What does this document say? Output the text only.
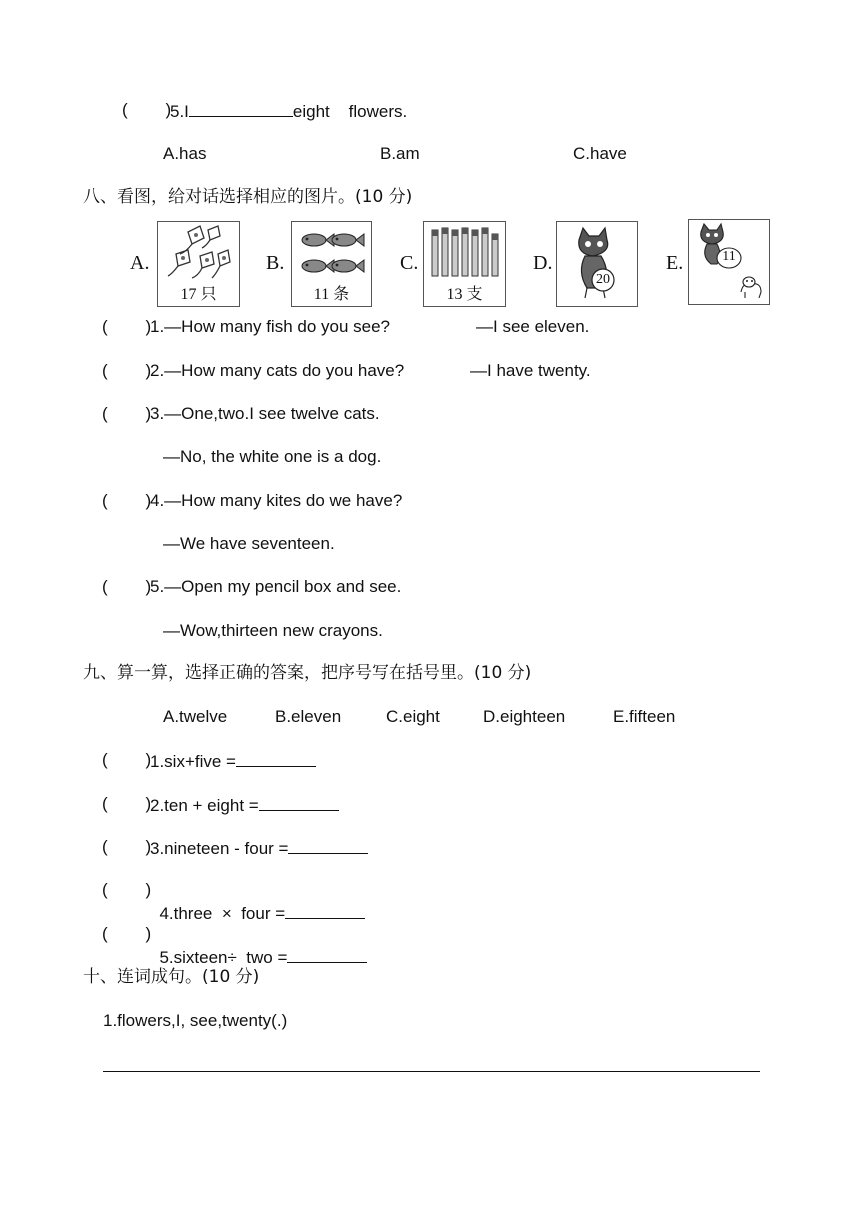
(        )
5.I	eight    flowers.
A.has	B.am	C.have
八、看图，给对话选择相应的图片。(10 分)
A.
17 只
B.
11 条
C.
13 支
D.
20
E.	11
(        )
1.—How many fish do you see?	—I see eleven.
(        )
2.—How many cats do you have?	—I have twenty.
(        )
3.—One,two.I see twelve cats.
—No, the white one is a dog.
(        )
4.—How many kites do we have?
—We have seventeen.
(        )
5.—Open my pencil box and see.
—Wow,thirteen new crayons.
九、算一算，选择正确的答案，把序号写在括号里。(10 分)
A.twelve	B.eleven	C.eight	D.eighteen	E.fifteen
(        )
1.six+five =
(        )
2.ten + eight =
(        )
3.nineteen - four =
(        )

4.three  ×  four =

(        )

5.sixteen÷  two =

十、连词成句。(10 分)
1.flowers,I, see,twenty(.)
